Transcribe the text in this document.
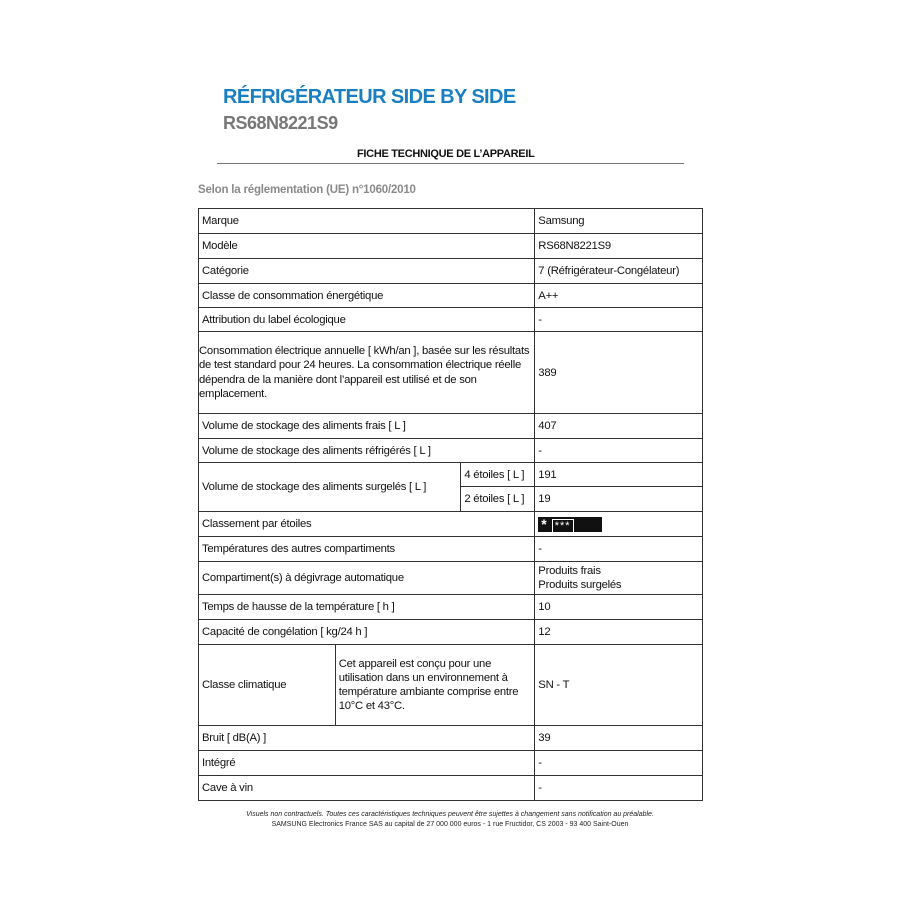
RÉFRIGÉRATEUR SIDE BY SIDE
RS68N8221S9
FICHE TECHNIQUE DE L’APPAREIL
Selon la réglementation (UE) n°1060/2010
Marque			Samsung
Modèle			RS68N8221S9
Catégorie			7 (Réfrigérateur-Congélateur)
Classe de consommation énergétique			A++
Attribution du label écologique			-
Consommation électrique annuelle [ kWh/an ], basée sur les résultats de test standard pour 24 heures. La consommation électrique réelle dépendra de la manière dont l’appareil est utilisé et de son emplacement.			389
Volume de stockage des aliments frais [ L ]			407
Volume de stockage des aliments réfrigérés [ L ]			-
Volume de stockage des aliments surgelés [ L ]		4 étoiles [ L ]	191
		2 étoiles [ L ]	19
Classement par étoiles			* ***
Températures des autres compartiments			-
Compartiment(s) à dégivrage automatique			Produits frais
Produits surgelés

Temps de hausse de la température [ h ]			10
Capacité de congélation [ kg/24 h ]			12
Classe climatique	Cet appareil est conçu pour une utilisation dans un environnement à température ambiante comprise entre 10°C et 43°C.		SN - T
Bruit [ dB(A) ]			39
Intégré			-
Cave à vin			-
Visuels non contractuels. Toutes ces caractéristiques techniques peuvent être sujettes à changement sans notification au préalable.
SAMSUNG Electronics France SAS au capital de 27 000 000 euros - 1 rue Fructidor, CS 2003 - 93 400 Saint-Ouen
